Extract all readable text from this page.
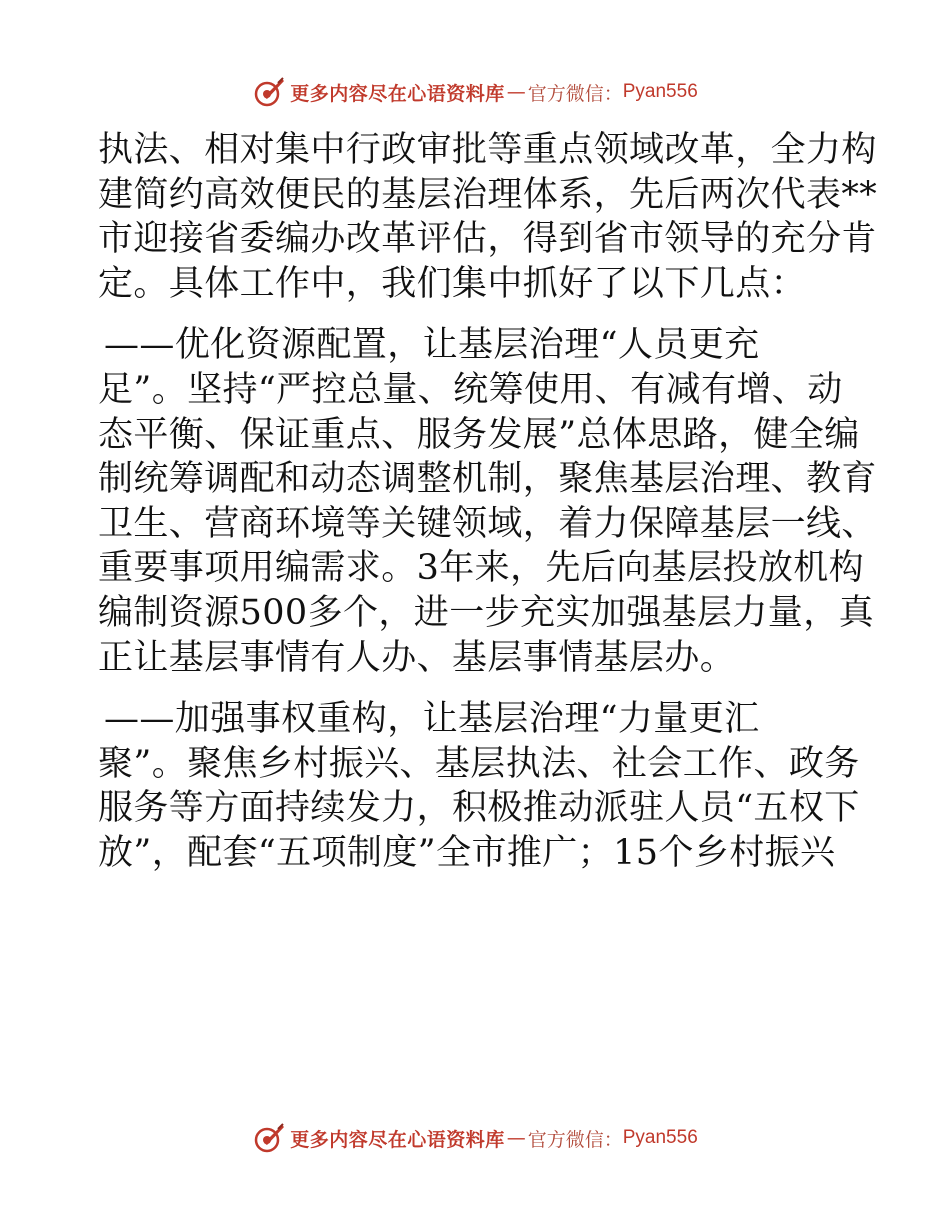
更多内容尽在心语资料库 — 官方微信： Pyan556
执法、相对集中行政审批等重点领域改革，全力构
建简约高效便民的基层治理体系，先后两次代表**
市迎接省委编办改革评估，得到省市领导的充分肯
定。具体工作中，我们集中抓好了以下几点：
——优化资源配置，让基层治理“人员更充
足”。坚持“严控总量、统筹使用、有减有增、动
态平衡、保证重点、服务发展”总体思路，健全编
制统筹调配和动态调整机制，聚焦基层治理、教育
卫生、营商环境等关键领域，着力保障基层一线、
重要事项用编需求。3年来，先后向基层投放机构
编制资源500多个，进一步充实加强基层力量，真
正让基层事情有人办、基层事情基层办。
——加强事权重构，让基层治理“力量更汇
聚”。聚焦乡村振兴、基层执法、社会工作、政务
服务等方面持续发力，积极推动派驻人员“五权下
放”，配套“五项制度”全市推广；15个乡村振兴
更多内容尽在心语资料库 — 官方微信： Pyan556
